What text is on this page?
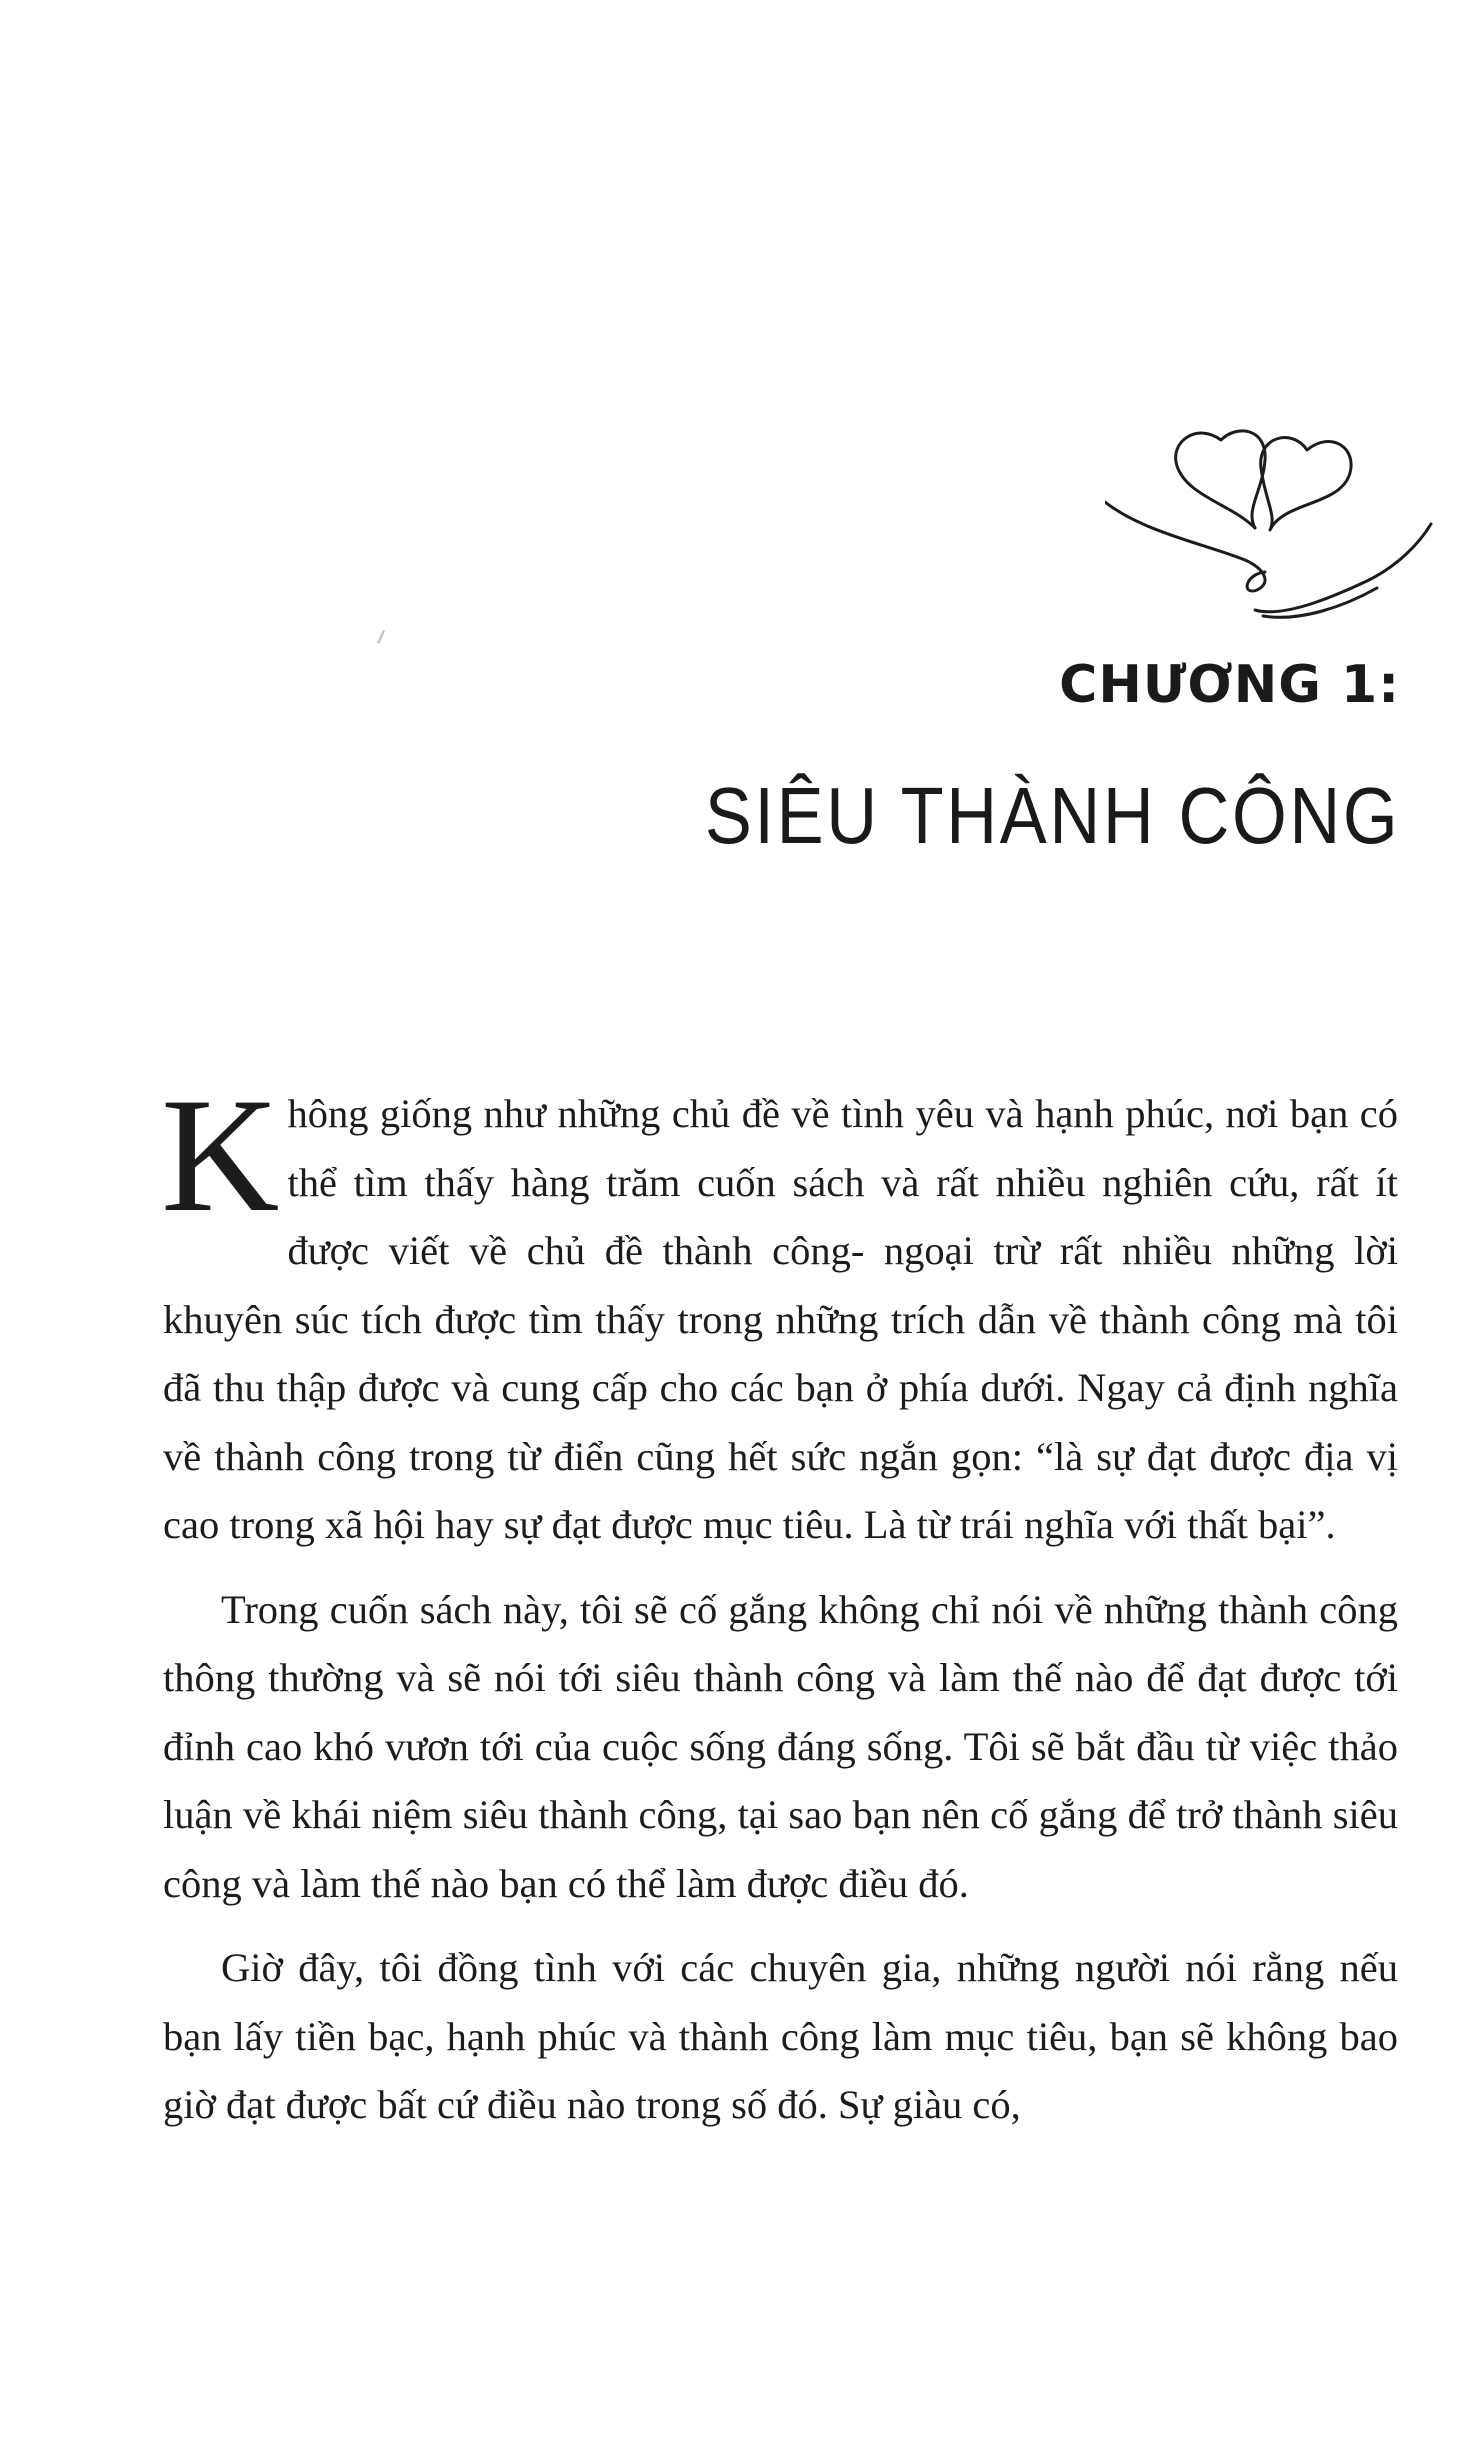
CHƯƠNG 1:
SIÊU THÀNH CÔNG

Không giống như những chủ đề về tình yêu và hạnh phúc, nơi bạn có thể tìm thấy hàng trăm cuốn sách và rất nhiều nghiên cứu, rất ít được viết về chủ đề thành công- ngoại trừ rất nhiều những lời khuyên súc tích được tìm thấy trong những trích dẫn về thành công mà tôi đã thu thập được và cung cấp cho các bạn ở phía dưới. Ngay cả định nghĩa về thành công trong từ điển cũng hết sức ngắn gọn: “là sự đạt được địa vị cao trong xã hội hay sự đạt được mục tiêu. Là từ trái nghĩa với thất bại”.

Trong cuốn sách này, tôi sẽ cố gắng không chỉ nói về những thành công thông thường và sẽ nói tới siêu thành công và làm thế nào để đạt được tới đỉnh cao khó vươn tới của cuộc sống đáng sống. Tôi sẽ bắt đầu từ việc thảo luận về khái niệm siêu thành công, tại sao bạn nên cố gắng để trở thành siêu công và làm thế nào bạn có thể làm được điều đó.

Giờ đây, tôi đồng tình với các chuyên gia, những người nói rằng nếu bạn lấy tiền bạc, hạnh phúc và thành công làm mục tiêu, bạn sẽ không bao giờ đạt được bất cứ điều nào trong số đó. Sự giàu có,
